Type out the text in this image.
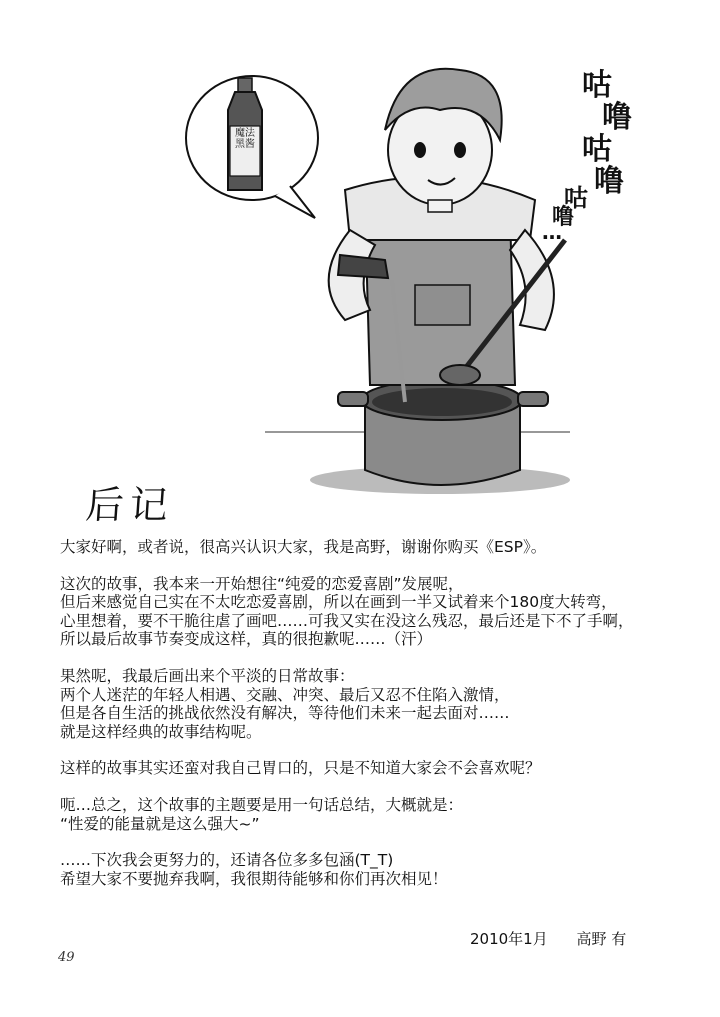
魔法黑酱
咕
噜
咕
噜
咕
噜
…
后记

大家好啊，或者说，很高兴认识大家，我是高野，谢谢你购买《ESP》。

这次的故事，我本来一开始想往“纯爱的恋爱喜剧”发展呢，
但后来感觉自己实在不太吃恋爱喜剧，所以在画到一半又试着来个180度大转弯，
心里想着，要不干脆往虐了画吧……可我又实在没这么残忍，最后还是下不了手啊，
所以最后故事节奏变成这样，真的很抱歉呢……（汗）

果然呢，我最后画出来个平淡的日常故事：
两个人迷茫的年轻人相遇、交融、冲突、最后又忍不住陷入激情，
但是各自生活的挑战依然没有解决，等待他们未来一起去面对……
就是这样经典的故事结构呢。

这样的故事其实还蛮对我自己胃口的，只是不知道大家会不会喜欢呢？

呃…总之，这个故事的主题要是用一句话总结，大概就是：
“性爱的能量就是这么强大~”

……下次我会更努力的，还请各位多多包涵(T_T)
希望大家不要抛弃我啊，我很期待能够和你们再次相见！

2010年1月 高野 有
49
